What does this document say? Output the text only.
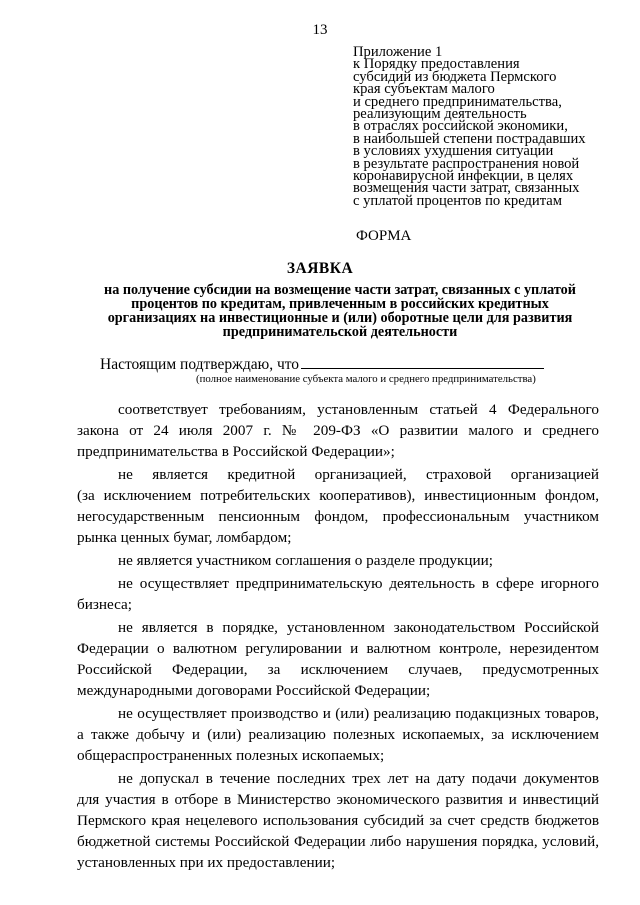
13
Приложение 1
к Порядку предоставления
субсидий из бюджета Пермского
края субъектам малого
и среднего предпринимательства,
реализующим деятельность
в отраслях российской экономики,
в наибольшей степени пострадавших
в условиях ухудшения ситуации
в результате распространения новой
коронавирусной инфекции, в целях
возмещения части затрат, связанных
с уплатой процентов по кредитам
ФОРМА
ЗАЯВКА
на получение субсидии на возмещение части затрат, связанных с уплатой
процентов по кредитам, привлеченным в российских кредитных
организациях на инвестиционные и (или) оборотные цели для развития
предпринимательской деятельности
Настоящим подтверждаю, что
(полное наименование субъекта малого и среднего предпринимательства)
соответствует требованиям, установленным статьей 4 Федерального
закона от 24 июля 2007 г. № 209-ФЗ «О развитии малого и среднего
предпринимательства в Российской Федерации»;
не является кредитной организацией, страховой организацией
(за исключением потребительских кооперативов), инвестиционным фондом,
негосударственным пенсионным фондом, профессиональным участником
рынка ценных бумаг, ломбардом;
не является участником соглашения о разделе продукции;
не осуществляет предпринимательскую деятельность в сфере игорного
бизнеса;
не является в порядке, установленном законодательством Российской
Федерации о валютном регулировании и валютном контроле, нерезидентом
Российской Федерации, за исключением случаев, предусмотренных
международными договорами Российской Федерации;
не осуществляет производство и (или) реализацию подакцизных товаров,
а также добычу и (или) реализацию полезных ископаемых, за исключением
общераспространенных полезных ископаемых;
не допускал в течение последних трех лет на дату подачи документов
для участия в отборе в Министерство экономического развития и инвестиций
Пермского края нецелевого использования субсидий за счет средств бюджетов
бюджетной системы Российской Федерации либо нарушения порядка, условий,
установленных при их предоставлении;
